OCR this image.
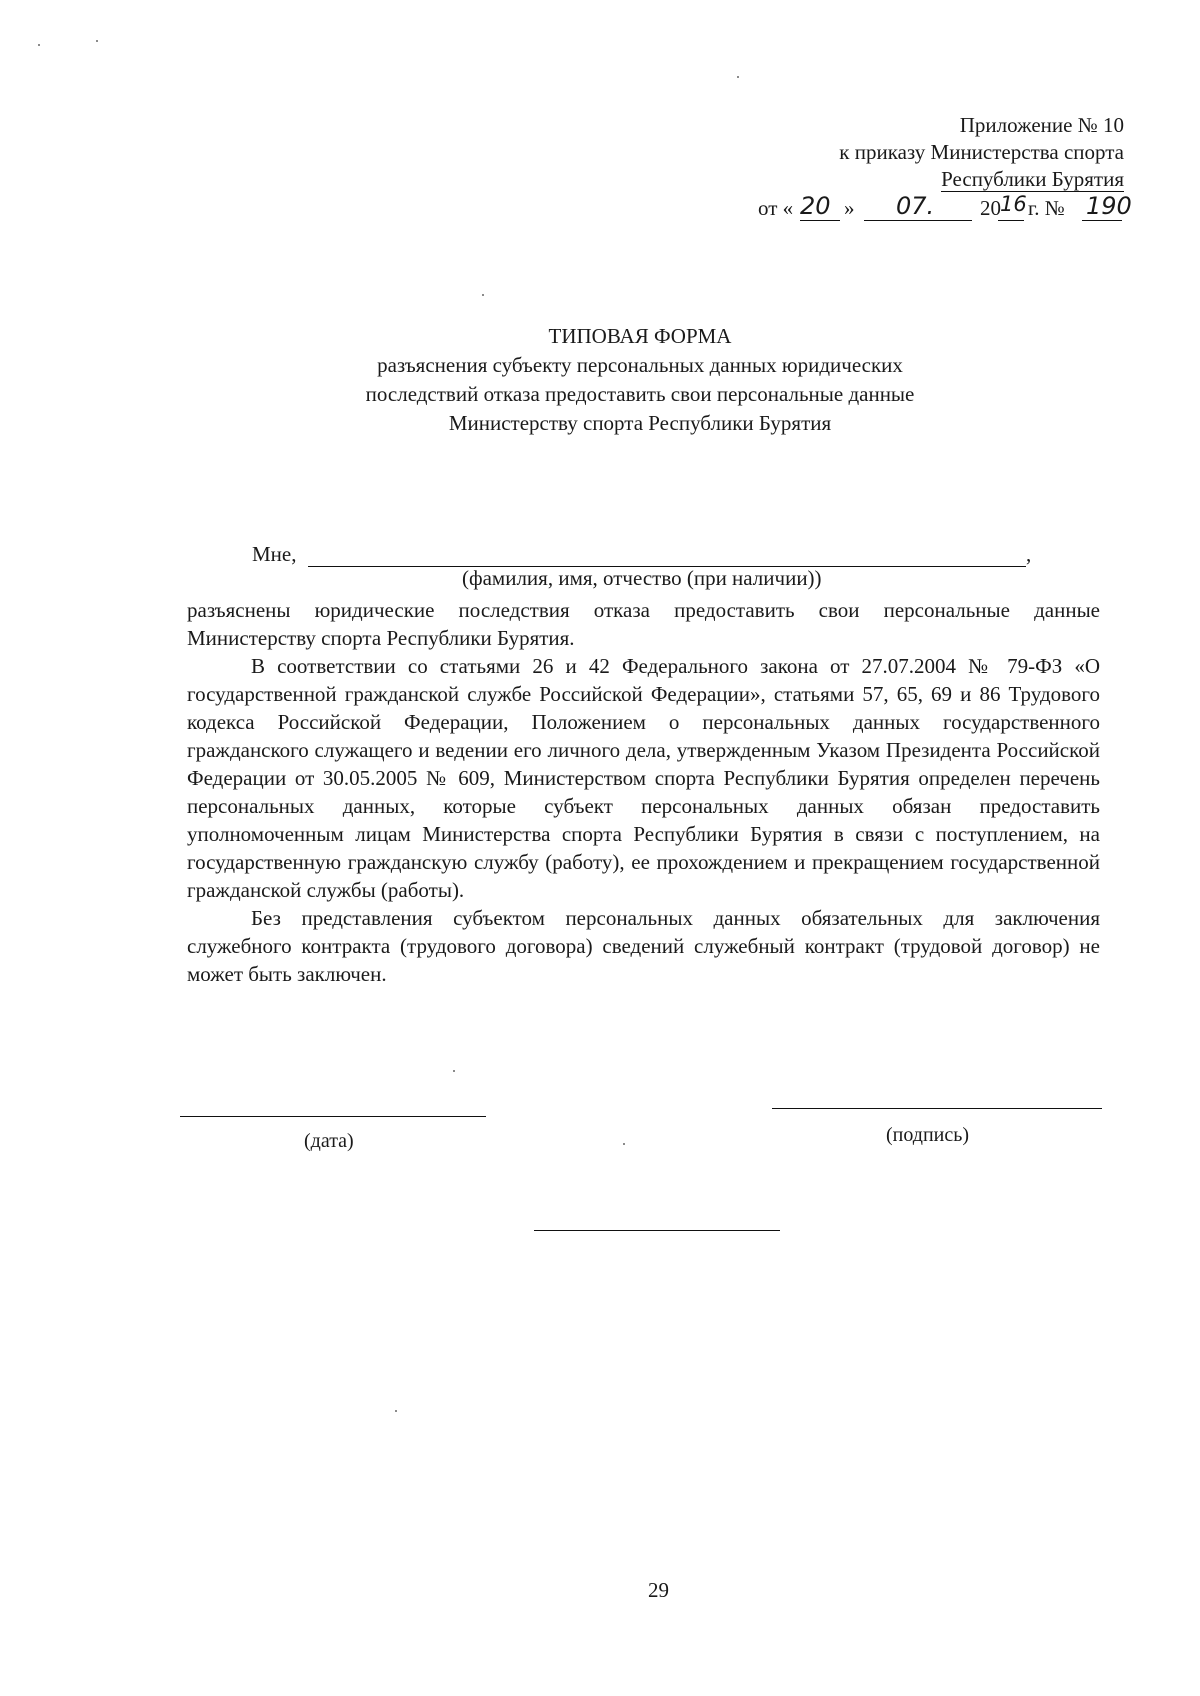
Приложение № 10
к приказу Министерства спорта
Республики Бурятия
от « 20 » 07. 20 16 г. № 190
ТИПОВАЯ ФОРМА
разъяснения субъекту персональных данных юридических
последствий отказа предоставить свои персональные данные
Министерству спорта Республики Бурятия
Мне,	,
(фамилия, имя, отчество (при наличии))

разъяснены юридические последствия отказа предоставить свои персональные данные Министерству спорта Республики Бурятия.

В соответствии со статьями 26 и 42 Федерального закона от 27.07.2004 № 79-ФЗ «О государственной гражданской службе Российской Федерации», статьями 57, 65, 69 и 86 Трудового кодекса Российской Федерации, Положением о персональных данных государственного гражданского служащего и ведении его личного дела, утвержденным Указом Президента Российской Федерации от 30.05.2005 № 609, Министерством спорта Республики Бурятия определен перечень персональных данных, которые субъект персональных данных обязан предоставить уполномоченным лицам Министерства спорта Республики Бурятия в связи с поступлением, на государственную гражданскую службу (работу), ее прохождением и прекращением государственной гражданской службы (работы).

Без представления субъектом персональных данных обязательных для заключения служебного контракта (трудового договора) сведений служебный контракт (трудовой договор) не может быть заключен.

(дата)	(подпись)
29
